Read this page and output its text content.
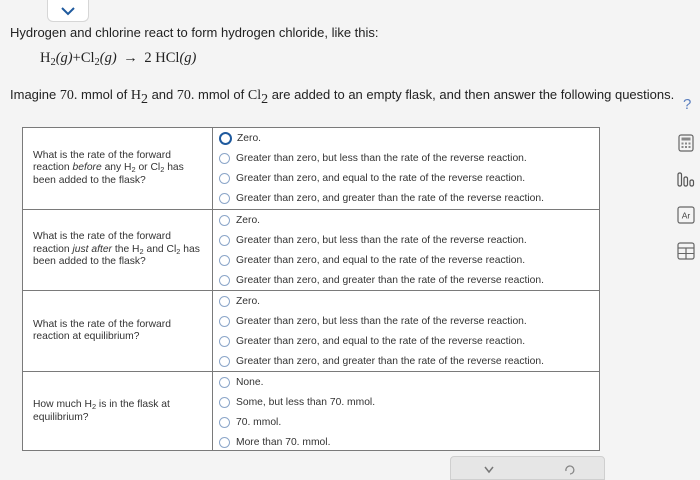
Hydrogen and chlorine react to form hydrogen chloride, like this:
$H_2(g)+Cl_2(g) \to 2$ HCl(g)
Imagine 70. mmol of $H_2$ and 70. mmol of $Cl_2$ are added to an empty flask, and then answer the following questions.
?
What is the rate of the forward reaction before any $H_2$ or $Cl_2$ has been added to the flask?
Zero.
Greater than zero, but less than the rate of the reverse reaction.
Greater than zero, and equal to the rate of the reverse reaction.
Greater than zero, and greater than the rate of the reverse reaction.
What is the rate of the forward reaction just after the $H_2$ and $Cl_2$ has been added to the flask?
Zero.
Greater than zero, but less than the rate of the reverse reaction.
Greater than zero, and equal to the rate of the reverse reaction.
Greater than zero, and greater than the rate of the reverse reaction.
What is the rate of the forward reaction at equilibrium?
Zero.
Greater than zero, but less than the rate of the reverse reaction.
Greater than zero, and equal to the rate of the reverse reaction.
Greater than zero, and greater than the rate of the reverse reaction.
How much $H_2$ is in the flask at equilibrium?
None.
Some, but less than 70. mmol.
70. mmol.
More than 70. mmol.
Ar
